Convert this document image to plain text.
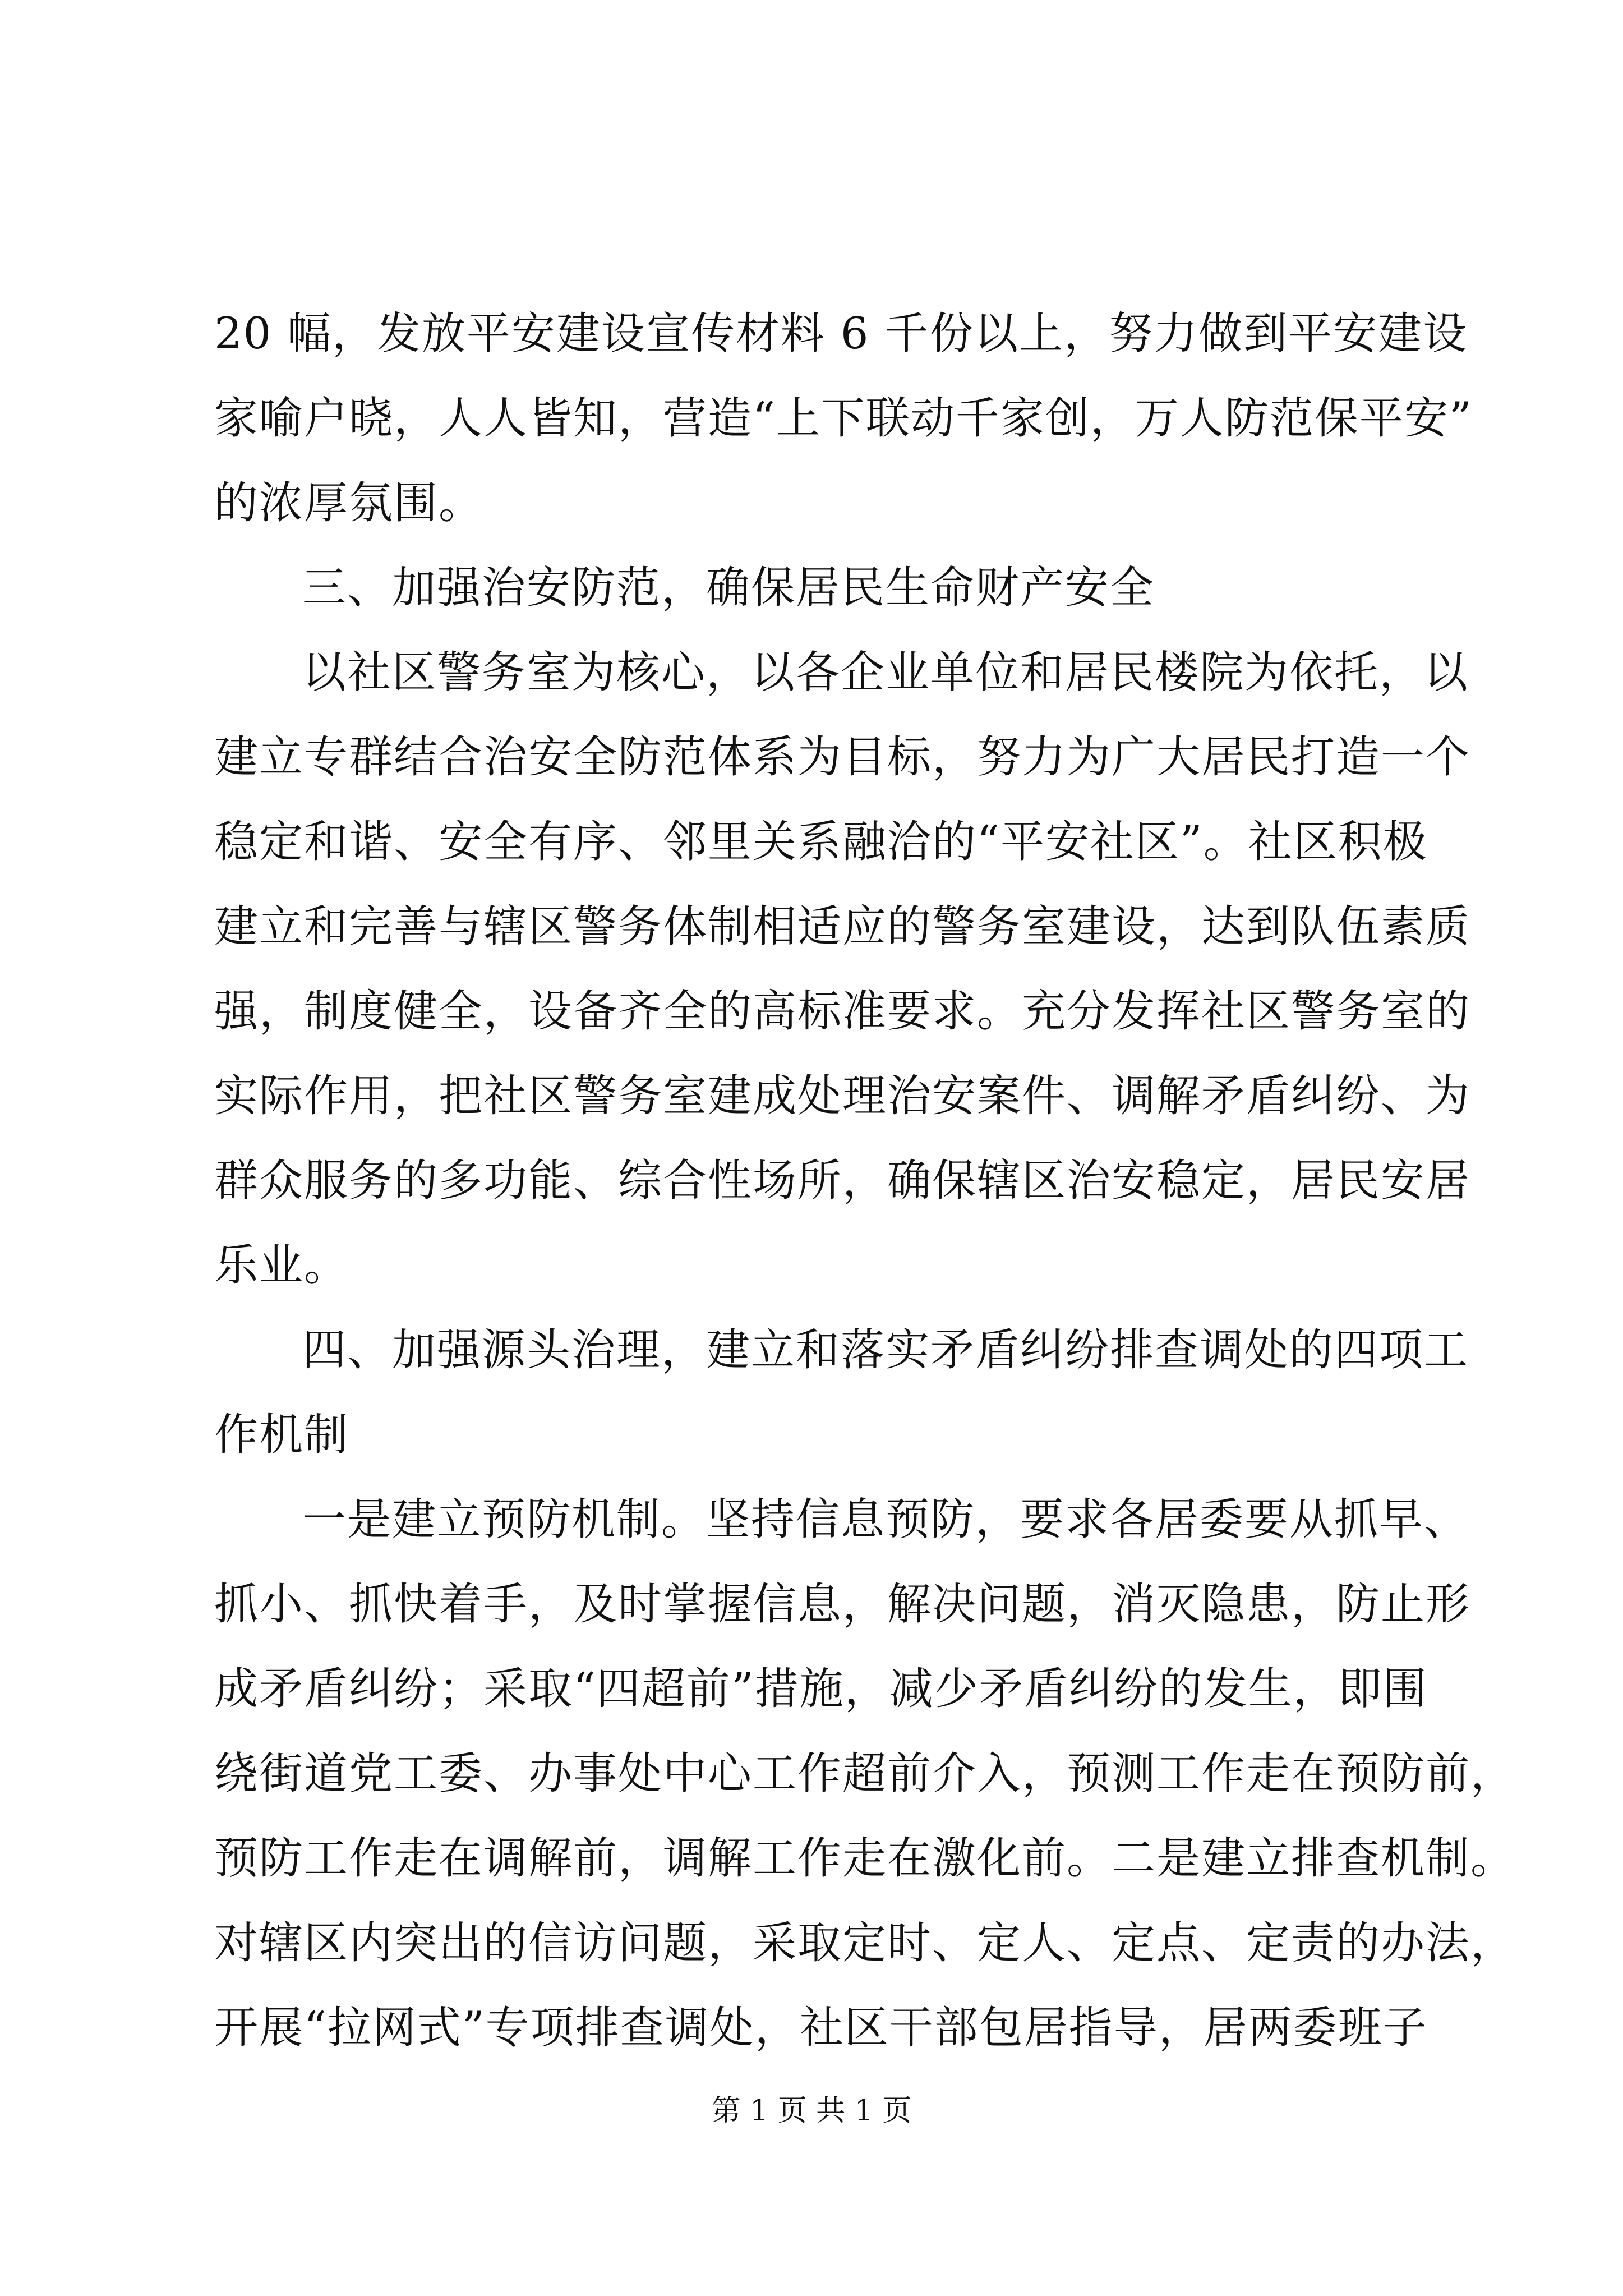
20 幅，发放平安建设宣传材料 6 千份以上，努力做到平安建设
家喻户晓，人人皆知，营造“上下联动千家创，万人防范保平安”
的浓厚氛围。
三、加强治安防范，确保居民生命财产安全
以社区警务室为核心，以各企业单位和居民楼院为依托，以
建立专群结合治安全防范体系为目标，努力为广大居民打造一个
稳定和谐、安全有序、邻里关系融洽的“平安社区”。社区积极
建立和完善与辖区警务体制相适应的警务室建设，达到队伍素质
强，制度健全，设备齐全的高标准要求。充分发挥社区警务室的
实际作用，把社区警务室建成处理治安案件、调解矛盾纠纷、为
群众服务的多功能、综合性场所，确保辖区治安稳定，居民安居
乐业。
四、加强源头治理，建立和落实矛盾纠纷排查调处的四项工
作机制
一是建立预防机制。坚持信息预防，要求各居委要从抓早、
抓小、抓快着手，及时掌握信息，解决问题，消灭隐患，防止形
成矛盾纠纷；采取“四超前”措施，减少矛盾纠纷的发生，即围
绕街道党工委、办事处中心工作超前介入，预测工作走在预防前，
预防工作走在调解前，调解工作走在激化前。二是建立排查机制。
对辖区内突出的信访问题，采取定时、定人、定点、定责的办法，
开展“拉网式”专项排查调处，社区干部包居指导，居两委班子
第 1 页 共 1 页
